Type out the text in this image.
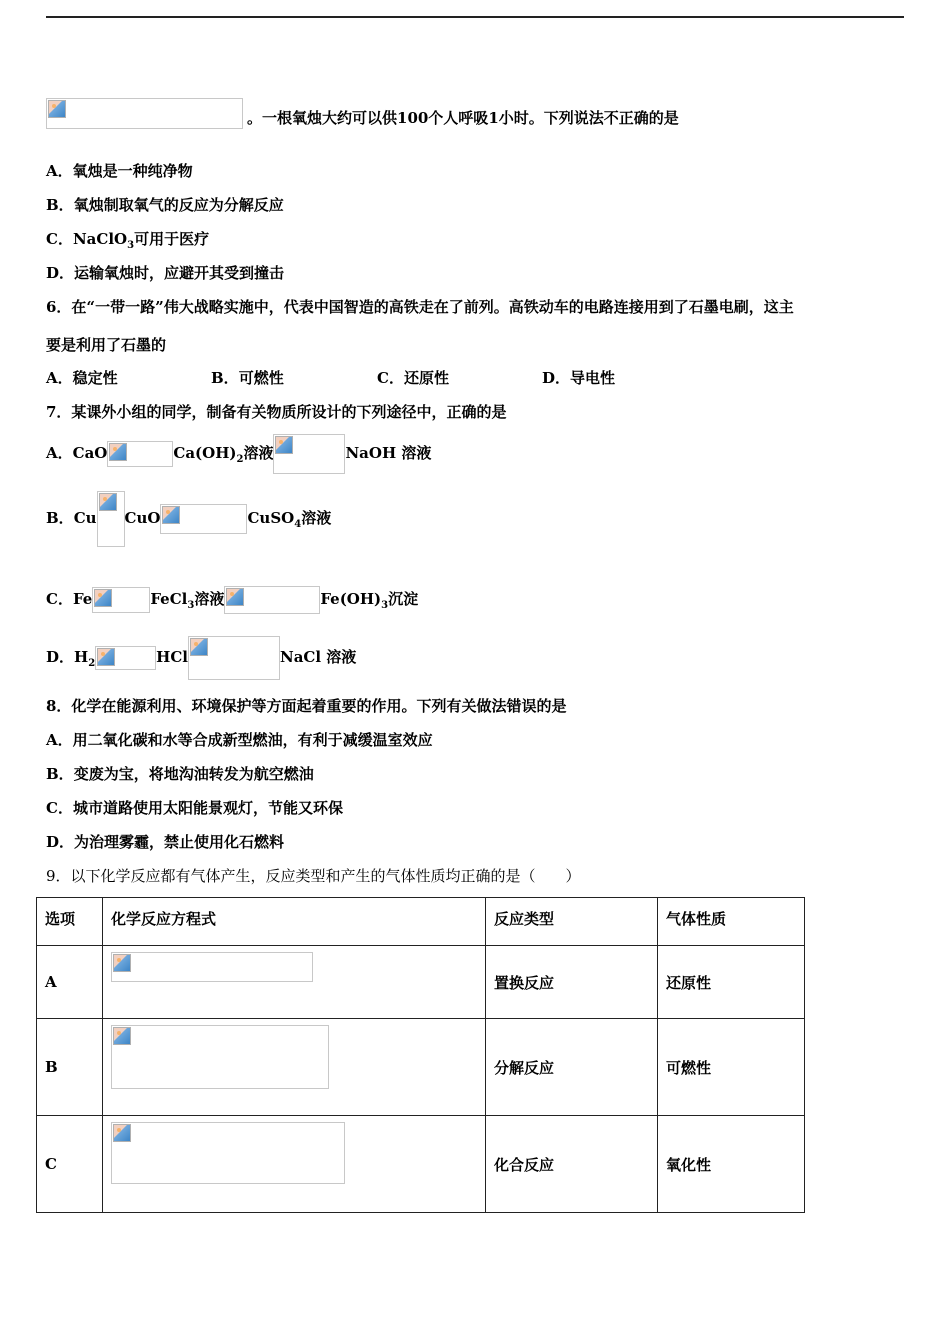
。一根氧烛大约可以供100个人呼吸1小时。下列说法不正确的是
A．氧烛是一种纯净物
B．氧烛制取氧气的反应为分解反应
C．NaClO$_3$可用于医疗
D．运输氧烛时，应避开其受到撞击
6．在“一带一路”伟大战略实施中，代表中国智造的高铁走在了前列。高铁动车的电路连接用到了石墨电刷，这主
要是利用了石墨的
A．稳定性	B．可燃性	C．还原性	D．导电性
7．某课外小组的同学，制备有关物质所设计的下列途径中，正确的是
A．CaO	$Ca(OH)_2$溶液	NaOH 溶液
B．Cu CuO	CuSO$_4$溶液
C．Fe	FeCl$_3$溶液	$Fe(OH)_3$沉淀
D．$H_2$	HCl	NaCl 溶液
8．化学在能源利用、环境保护等方面起着重要的作用。下列有关做法错误的是
A．用二氧化碳和水等合成新型燃油，有利于减缓温室效应
B．变废为宝，将地沟油转发为航空燃油
C．城市道路使用太阳能景观灯，节能又环保
D．为治理雾霾，禁止使用化石燃料
9．以下化学反应都有气体产生，反应类型和产生的气体性质均正确的是（　　）
选项	化学反应方程式	反应类型	气体性质
A		置换反应	还原性
B		分解反应	可燃性
C		化合反应	氧化性
